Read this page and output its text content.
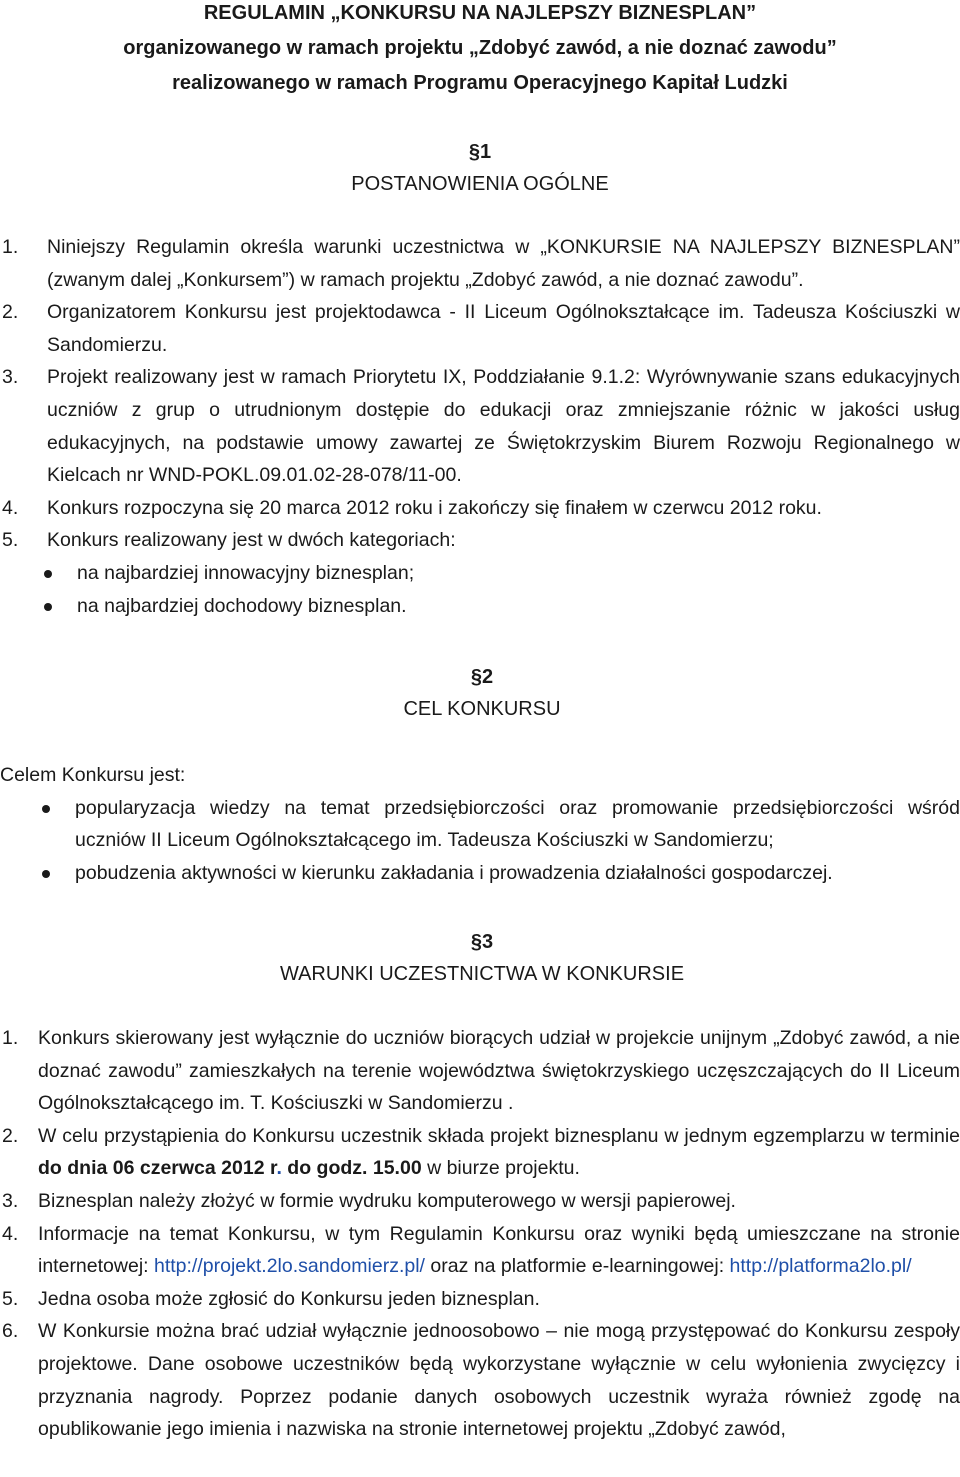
REGULAMIN „KONKURSU NA NAJLEPSZY BIZNESPLAN”
organizowanego w ramach projektu „Zdobyć zawód, a nie doznać zawodu”
realizowanego w ramach Programu Operacyjnego Kapitał Ludzki
§1
POSTANOWIENIA OGÓLNE
1. Niniejszy Regulamin określa warunki uczestnictwa w „KONKURSIE NA NAJLEPSZY BIZNESPLAN” (zwanym dalej „Konkursem”) w ramach projektu „Zdobyć zawód, a nie doznać zawodu”.
2. Organizatorem Konkursu jest projektodawca - II Liceum Ogólnokształcące im. Tadeusza Kościuszki w Sandomierzu.
3. Projekt realizowany jest w ramach Priorytetu IX, Poddziałanie 9.1.2: Wyrównywanie szans edukacyjnych uczniów z grup o utrudnionym dostępie do edukacji oraz zmniejszanie różnic w jakości usług edukacyjnych, na podstawie umowy zawartej ze Świętokrzyskim Biurem Rozwoju Regionalnego w Kielcach nr WND-POKL.09.01.02-28-078/11-00.
4. Konkurs rozpoczyna się 20 marca 2012 roku i zakończy się finałem w czerwcu 2012 roku.
5. Konkurs realizowany jest w dwóch kategoriach:
na najbardziej innowacyjny biznesplan;
na najbardziej dochodowy biznesplan.
§2
CEL KONKURSU
Celem Konkursu jest:
popularyzacja wiedzy na temat przedsiębiorczości oraz promowanie przedsiębiorczości wśród uczniów II Liceum Ogólnokształcącego im. Tadeusza Kościuszki w Sandomierzu;
pobudzenia aktywności w kierunku zakładania i prowadzenia działalności gospodarczej.
§3
WARUNKI UCZESTNICTWA W KONKURSIE
1. Konkurs skierowany jest wyłącznie do uczniów biorących udział w projekcie unijnym „Zdobyć zawód, a nie doznać zawodu” zamieszkałych na terenie województwa świętokrzyskiego uczęszczających do II Liceum Ogólnokształcącego im. T. Kościuszki w Sandomierzu .
2. W celu przystąpienia do Konkursu uczestnik składa projekt biznesplanu w jednym egzemplarzu w terminie do dnia 06 czerwca 2012 r. do godz. 15.00 w biurze projektu.
3. Biznesplan należy złożyć w formie wydruku komputerowego w wersji papierowej.
4. Informacje na temat Konkursu, w tym Regulamin Konkursu oraz wyniki będą umieszczane na stronie internetowej: http://projekt.2lo.sandomierz.pl/ oraz na platformie e-learningowej: http://platforma2lo.pl/
5. Jedna osoba może zgłosić do Konkursu jeden biznesplan.
6. W Konkursie można brać udział wyłącznie jednoosobowo – nie mogą przystępować do Konkursu zespoły projektowe. Dane osobowe uczestników będą wykorzystane wyłącznie w celu wyłonienia zwycięzcy i przyznania nagrody. Poprzez podanie danych osobowych uczestnik wyraża również zgodę na opublikowanie jego imienia i nazwiska na stronie internetowej projektu „Zdobyć zawód,
